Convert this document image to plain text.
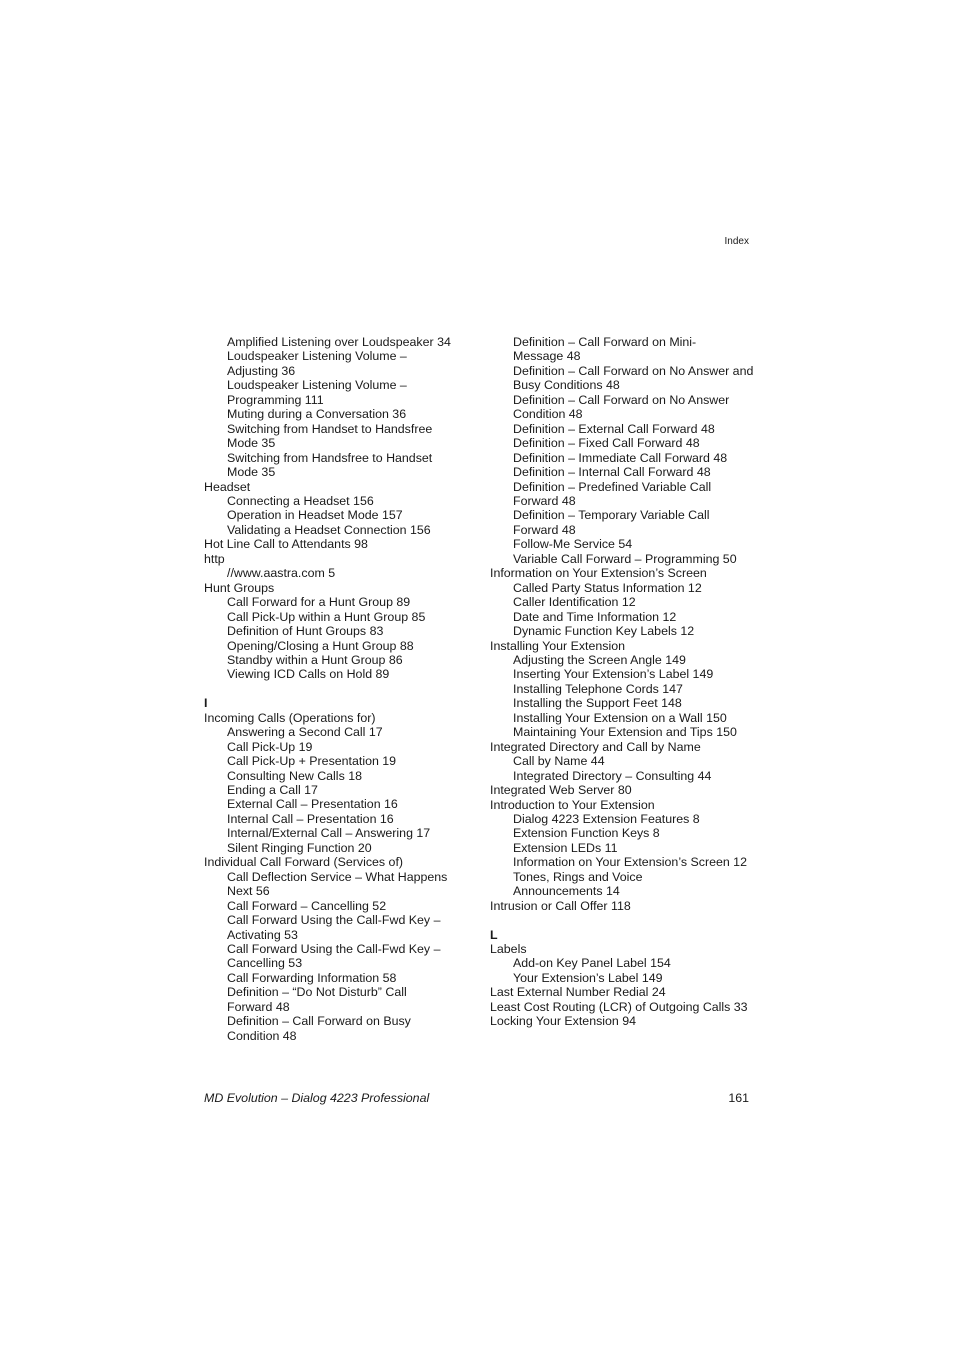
Index
Amplified Listening over Loudspeaker 34
Loudspeaker Listening Volume –
Adjusting 36
Loudspeaker Listening Volume –
Programming 111
Muting during a Conversation 36
Switching from Handset to Handsfree
Mode 35
Switching from Handsfree to Handset
Mode 35
Headset
Connecting a Headset 156
Operation in Headset Mode 157
Validating a Headset Connection 156
Hot Line Call to Attendants 98
http
//www.aastra.com 5
Hunt Groups
Call Forward for a Hunt Group 89
Call Pick-Up within a Hunt Group 85
Definition of Hunt Groups 83
Opening/Closing a Hunt Group 88
Standby within a Hunt Group 86
Viewing ICD Calls on Hold 89
I
Incoming Calls (Operations for)
Answering a Second Call 17
Call Pick-Up 19
Call Pick-Up + Presentation 19
Consulting New Calls 18
Ending a Call 17
External Call – Presentation 16
Internal Call – Presentation 16
Internal/External Call – Answering 17
Silent Ringing Function 20
Individual Call Forward (Services of)
Call Deflection Service – What Happens
Next 56
Call Forward – Cancelling 52
Call Forward Using the Call-Fwd Key –
Activating 53
Call Forward Using the Call-Fwd Key –
Cancelling 53
Call Forwarding Information 58
Definition – “Do Not Disturb” Call
Forward 48
Definition – Call Forward on Busy
Condition 48
Definition – Call Forward on Mini-
Message 48
Definition – Call Forward on No Answer and
Busy Conditions 48
Definition – Call Forward on No Answer
Condition 48
Definition – External Call Forward 48
Definition – Fixed Call Forward 48
Definition – Immediate Call Forward 48
Definition – Internal Call Forward 48
Definition – Predefined Variable Call
Forward 48
Definition – Temporary Variable Call
Forward 48
Follow-Me Service 54
Variable Call Forward – Programming 50
Information on Your Extension’s Screen
Called Party Status Information 12
Caller Identification 12
Date and Time Information 12
Dynamic Function Key Labels 12
Installing Your Extension
Adjusting the Screen Angle 149
Inserting Your Extension’s Label 149
Installing Telephone Cords 147
Installing the Support Feet 148
Installing Your Extension on a Wall 150
Maintaining Your Extension and Tips 150
Integrated Directory and Call by Name
Call by Name 44
Integrated Directory – Consulting 44
Integrated Web Server 80
Introduction to Your Extension
Dialog 4223 Extension Features 8
Extension Function Keys 8
Extension LEDs 11
Information on Your Extension’s Screen 12
Tones, Rings and Voice
Announcements 14
Intrusion or Call Offer 118
L
Labels
Add-on Key Panel Label 154
Your Extension’s Label 149
Last External Number Redial 24
Least Cost Routing (LCR) of Outgoing Calls 33
Locking Your Extension 94
MD Evolution – Dialog 4223 Professional	161
